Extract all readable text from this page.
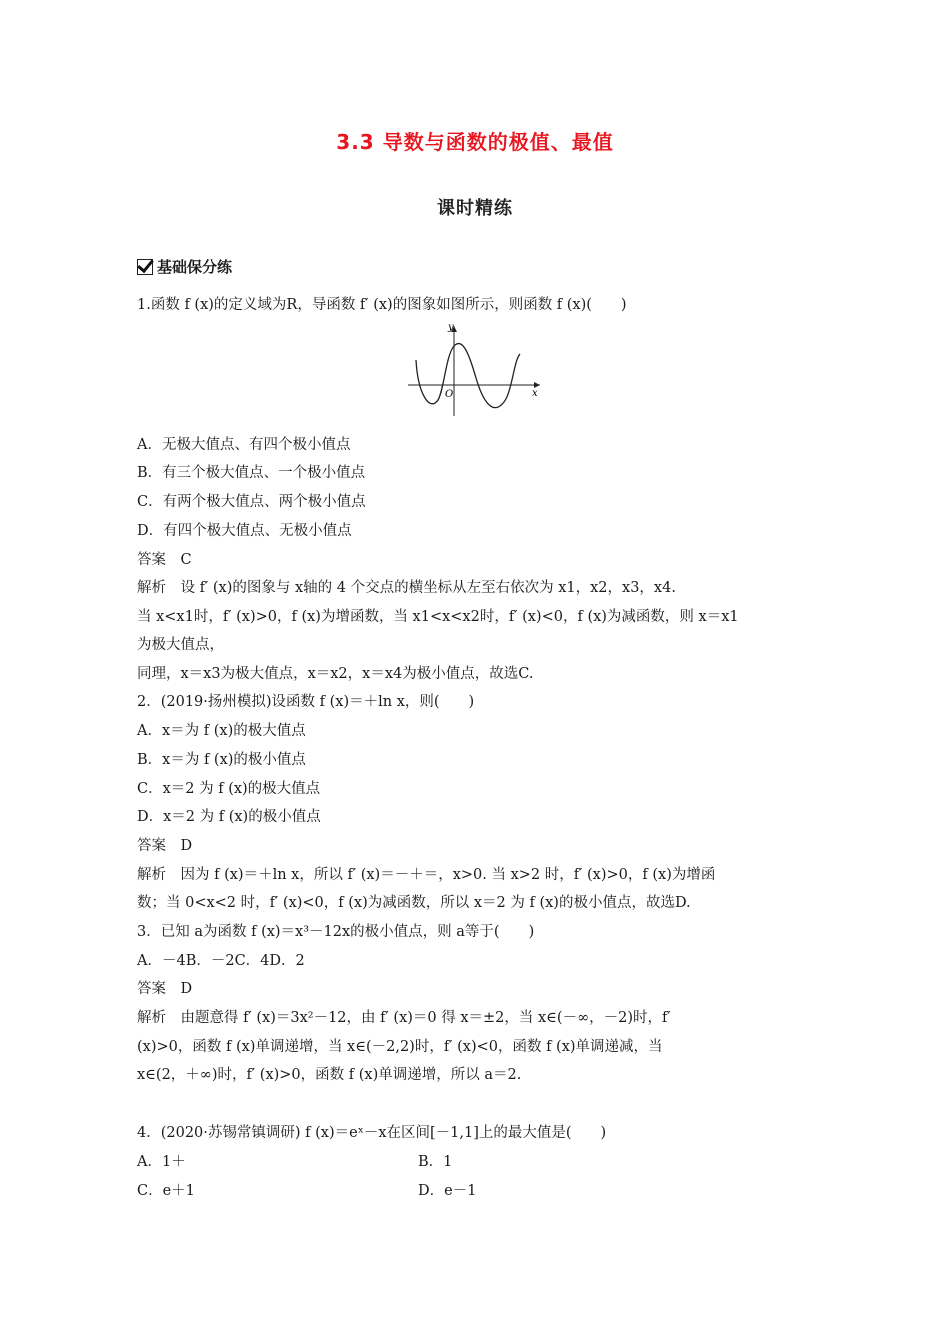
3.3 导数与函数的极值、最值
课时精练
基础保分练
1.函数 f (x)的定义域为R，导函数 f′ (x)的图象如图所示，则函数 f (x)(　　)
y
x
O
A．无极大值点、有四个极小值点
B．有三个极大值点、一个极小值点
C．有两个极大值点、两个极小值点
D．有四个极大值点、无极小值点
答案　C
解析　设 f′ (x)的图象与 x轴的 4 个交点的横坐标从左至右依次为 x1，x2，x3，x4.
当 x<x1时，f′ (x)>0，f (x)为增函数，当 x1<x<x2时，f′ (x)<0，f (x)为减函数，则 x＝x1
为极大值点，
同理，x＝x3为极大值点，x＝x2，x＝x4为极小值点，故选C.
2．(2019·扬州模拟)设函数 f (x)＝＋ln x，则(　　)
A．x＝为 f (x)的极大值点
B．x＝为 f (x)的极小值点
C．x＝2 为 f (x)的极大值点
D．x＝2 为 f (x)的极小值点
答案　D
解析　因为 f (x)＝＋ln x，所以 f′ (x)＝－＋＝，x>0. 当 x>2 时，f′ (x)>0，f (x)为增函
数；当 0<x<2 时，f′ (x)<0，f (x)为减函数，所以 x＝2 为 f (x)的极小值点，故选D.
3．已知 a为函数 f (x)＝x³－12x的极小值点，则 a等于(　　)
A．－4B．－2C．4D．2
答案　D
解析　由题意得 f′ (x)＝3x²－12，由 f′ (x)＝0 得 x＝±2，当 x∈(－∞，－2)时，f′
(x)>0，函数 f (x)单调递增，当 x∈(－2,2)时，f′ (x)<0，函数 f (x)单调递减，当
x∈(2，＋∞)时，f′ (x)>0，函数 f (x)单调递增，所以 a＝2.
4．(2020·苏锡常镇调研) f (x)＝eˣ－x在区间[－1,1]上的最大值是(　　)
A．1＋	B．1
C．e＋1	D．e－1
